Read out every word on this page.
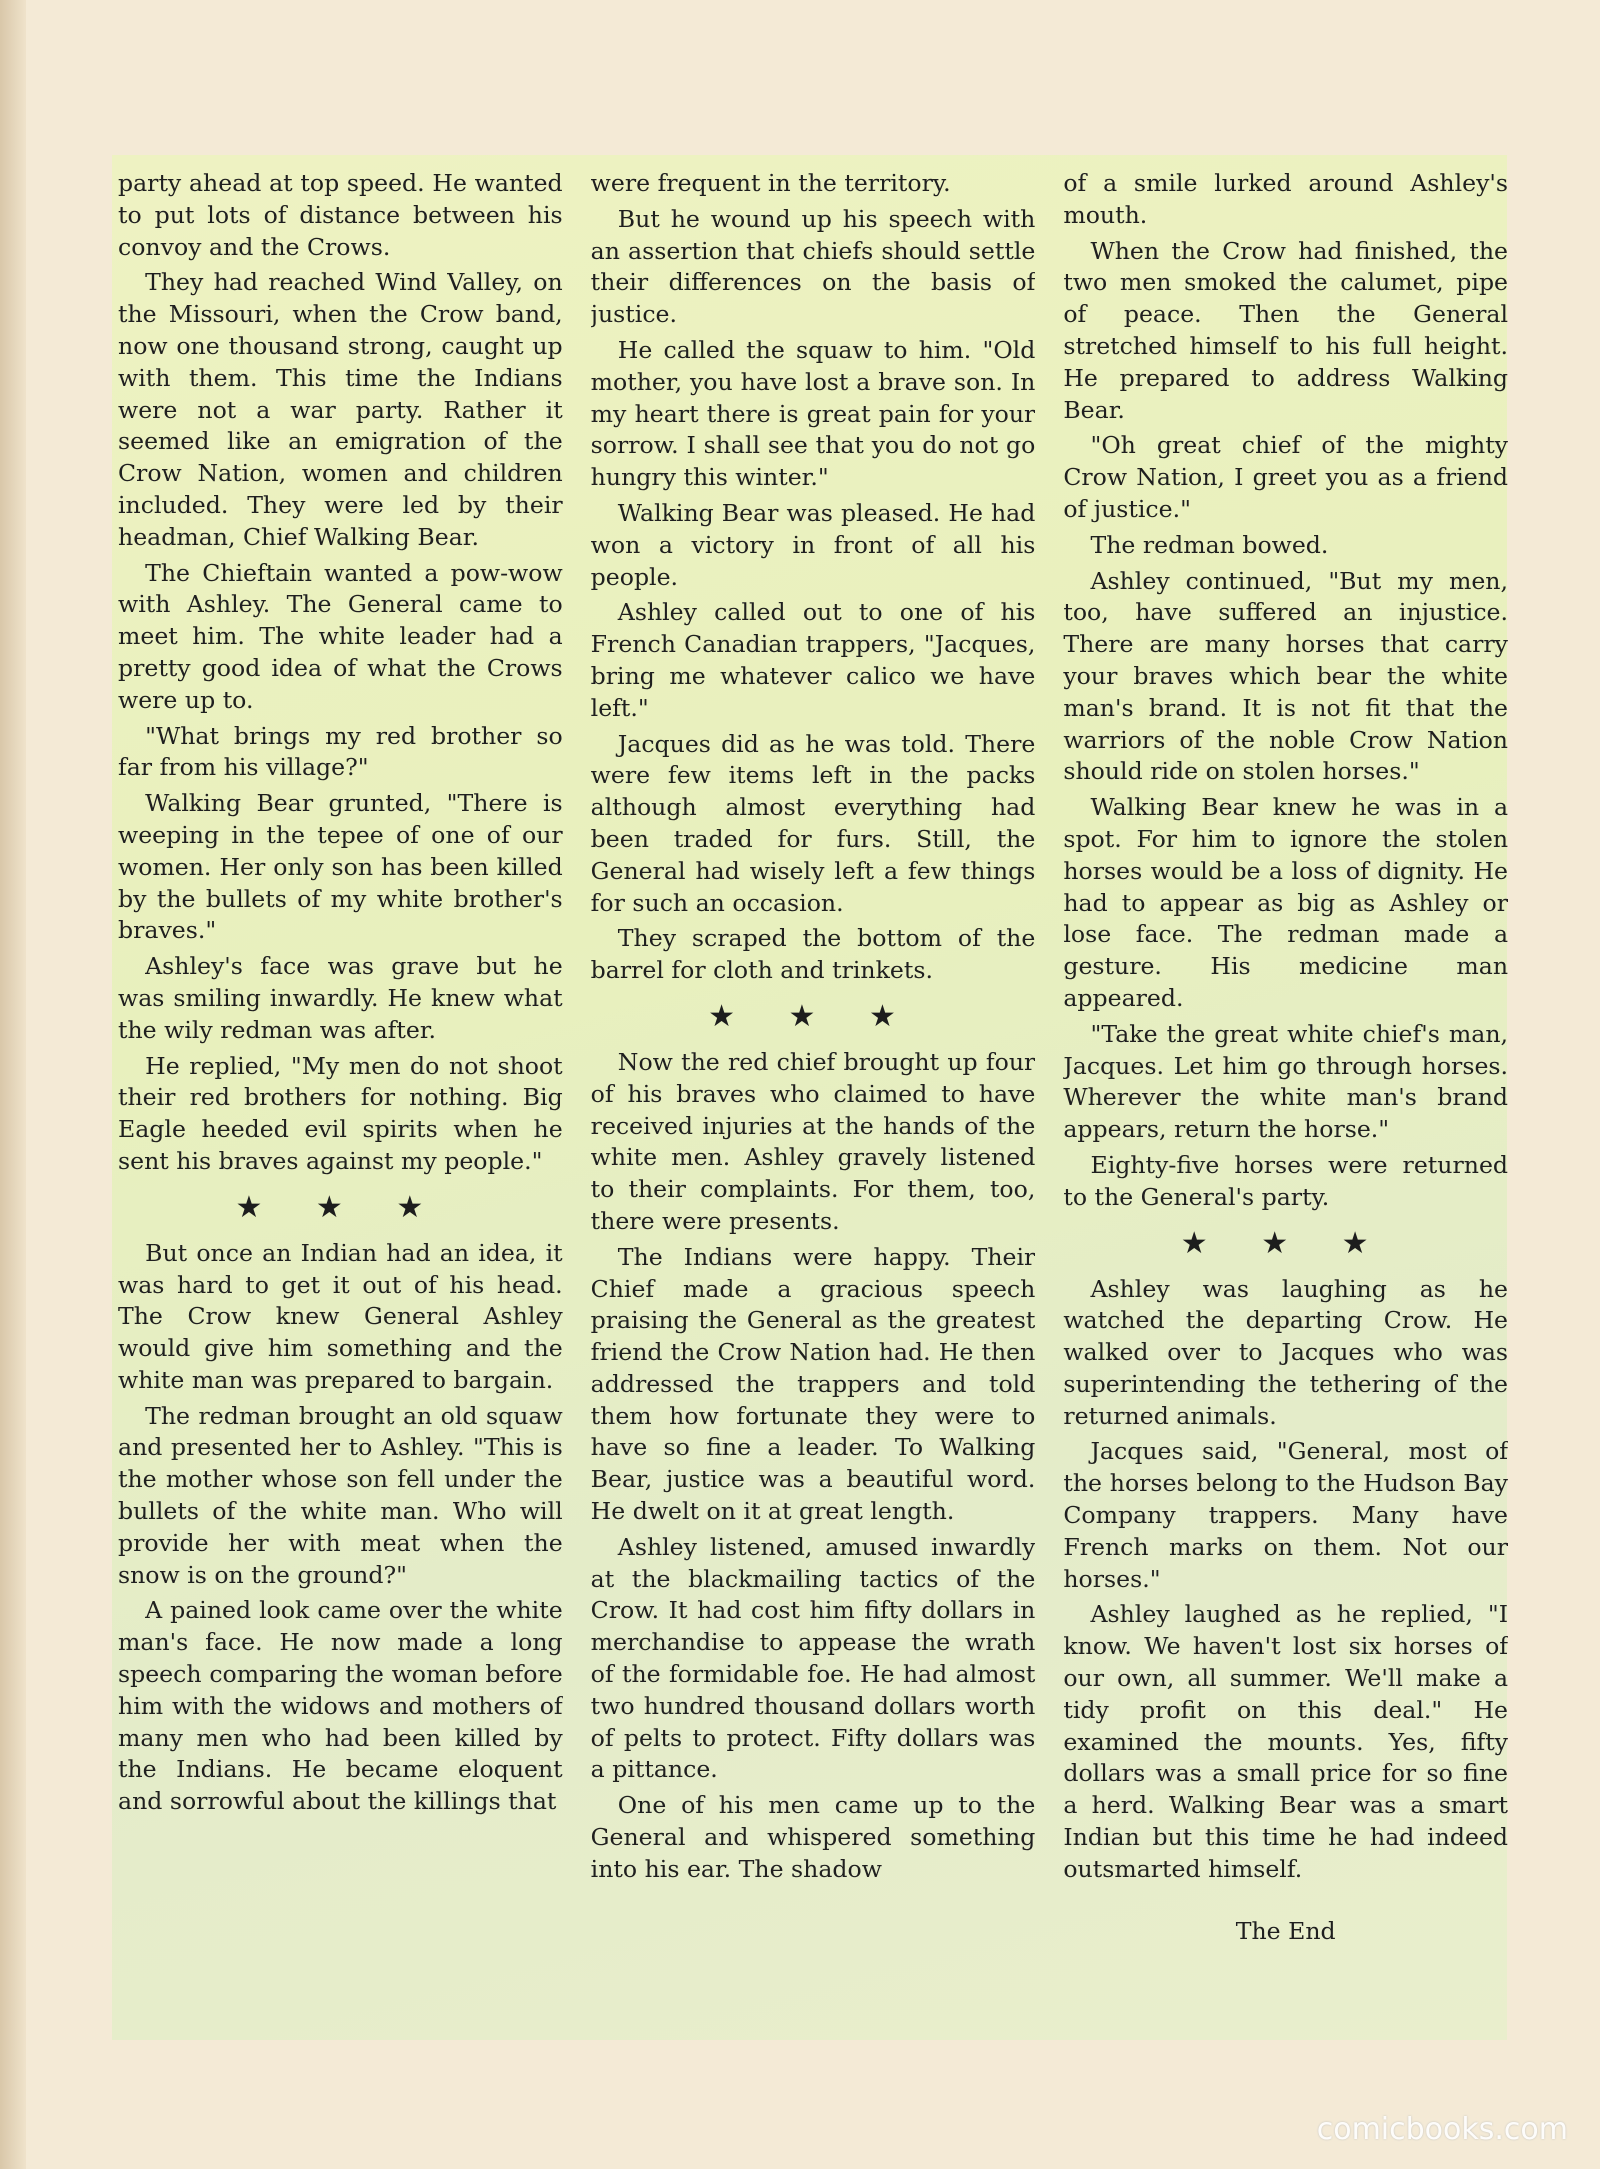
party ahead at top speed. He wanted to put lots of distance between his convoy and the Crows.

They had reached Wind Valley, on the Missouri, when the Crow band, now one thousand strong, caught up with them. This time the Indians were not a war party. Rather it seemed like an emigration of the Crow Nation, women and children included. They were led by their headman, Chief Walking Bear.

The Chieftain wanted a pow-wow with Ashley. The General came to meet him. The white leader had a pretty good idea of what the Crows were up to.

"What brings my red brother so far from his village?"

Walking Bear grunted, "There is weeping in the tepee of one of our women. Her only son has been killed by the bullets of my white brother's braves."

Ashley's face was grave but he was smiling inwardly. He knew what the wily redman was after.

He replied, "My men do not shoot their red brothers for nothing. Big Eagle heeded evil spirits when he sent his braves against my people."

★ ★ ★

But once an Indian had an idea, it was hard to get it out of his head. The Crow knew General Ashley would give him something and the white man was prepared to bargain.

The redman brought an old squaw and presented her to Ashley. "This is the mother whose son fell under the bullets of the white man. Who will provide her with meat when the snow is on the ground?"

A pained look came over the white man's face. He now made a long speech comparing the woman before him with the widows and mothers of many men who had been killed by the Indians. He became eloquent and sorrowful about the killings that

were frequent in the territory.

But he wound up his speech with an assertion that chiefs should settle their differences on the basis of justice.

He called the squaw to him. "Old mother, you have lost a brave son. In my heart there is great pain for your sorrow. I shall see that you do not go hungry this winter."

Walking Bear was pleased. He had won a victory in front of all his people.

Ashley called out to one of his French Canadian trappers, "Jacques, bring me whatever calico we have left."

Jacques did as he was told. There were few items left in the packs although almost everything had been traded for furs. Still, the General had wisely left a few things for such an occasion.

They scraped the bottom of the barrel for cloth and trinkets.

★ ★ ★

Now the red chief brought up four of his braves who claimed to have received injuries at the hands of the white men. Ashley gravely listened to their complaints. For them, too, there were presents.

The Indians were happy. Their Chief made a gracious speech praising the General as the greatest friend the Crow Nation had. He then addressed the trappers and told them how fortunate they were to have so fine a leader. To Walking Bear, justice was a beautiful word. He dwelt on it at great length.

Ashley listened, amused inwardly at the blackmailing tactics of the Crow. It had cost him fifty dollars in merchandise to appease the wrath of the formidable foe. He had almost two hundred thousand dollars worth of pelts to protect. Fifty dollars was a pittance.

One of his men came up to the General and whispered something into his ear. The shadow

of a smile lurked around Ashley's mouth.

When the Crow had finished, the two men smoked the calumet, pipe of peace. Then the General stretched himself to his full height. He prepared to address Walking Bear.

"Oh great chief of the mighty Crow Nation, I greet you as a friend of justice."

The redman bowed.

Ashley continued, "But my men, too, have suffered an injustice. There are many horses that carry your braves which bear the white man's brand. It is not fit that the warriors of the noble Crow Nation should ride on stolen horses."

Walking Bear knew he was in a spot. For him to ignore the stolen horses would be a loss of dignity. He had to appear as big as Ashley or lose face. The redman made a gesture. His medicine man appeared.

"Take the great white chief's man, Jacques. Let him go through horses. Wherever the white man's brand appears, return the horse."

Eighty-five horses were returned to the General's party.

★ ★ ★

Ashley was laughing as he watched the departing Crow. He walked over to Jacques who was superintending the tethering of the returned animals.

Jacques said, "General, most of the horses belong to the Hudson Bay Company trappers. Many have French marks on them. Not our horses."

Ashley laughed as he replied, "I know. We haven't lost six horses of our own, all summer. We'll make a tidy profit on this deal." He examined the mounts. Yes, fifty dollars was a small price for so fine a herd. Walking Bear was a smart Indian but this time he had indeed outsmarted himself.

The End

comicbooks.com
